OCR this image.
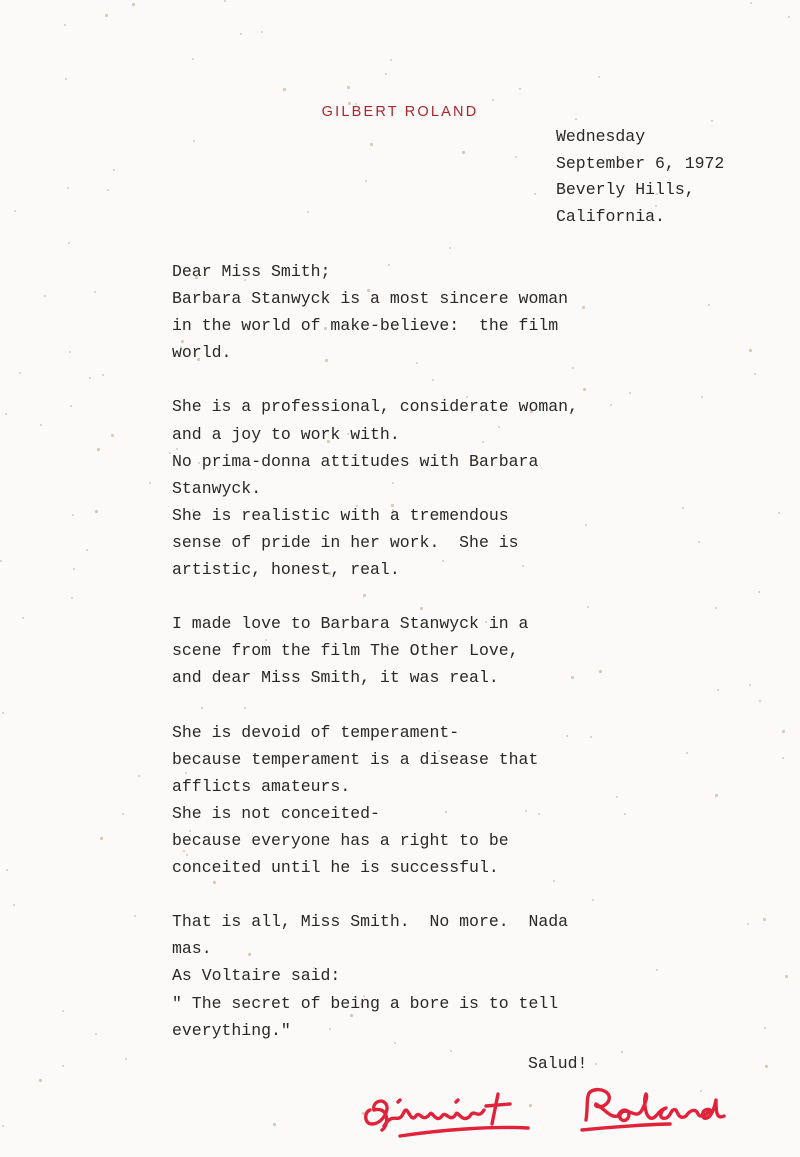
GILBERT ROLAND
Wednesday
September 6, 1972
Beverly Hills,
California.
Dear Miss Smith;
Barbara Stanwyck is a most sincere woman
in the world of make-believe:  the film
world.
She is a professional, considerate woman,
and a joy to work with.
No prima-donna attitudes with Barbara
Stanwyck.
She is realistic with a tremendous
sense of pride in her work.  She is
artistic, honest, real.
I made love to Barbara Stanwyck in a
scene from the film The Other Love,
and dear Miss Smith, it was real.
She is devoid of temperament-
because temperament is a disease that
afflicts amateurs.
She is not conceited-
because everyone has a right to be
conceited until he is successful.
That is all, Miss Smith.  No more.  Nada
mas.
As Voltaire said:
" The secret of being a bore is to tell
everything."
Salud!
